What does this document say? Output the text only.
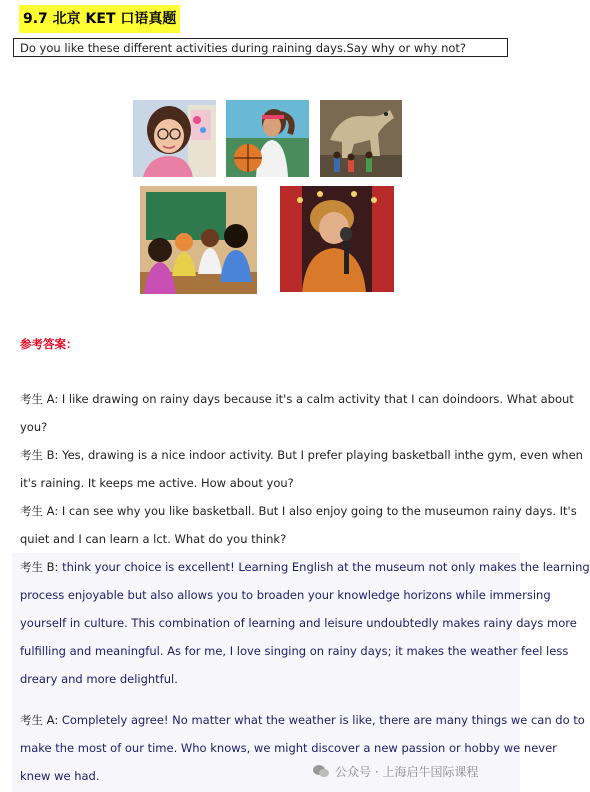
9.7 北京 KET 口语真题
Do you like these different activities during raining days.Say why or why not?
参考答案：
考生 A: I like drawing on rainy days because it's a calm activity that I can doindoors. What about
you?
考生 B: Yes, drawing is a nice indoor activity. But I prefer playing basketball inthe gym, even when
it's raining. It keeps me active. How about you?
考生 A: I can see why you like basketball. But I also enjoy going to the museumon rainy days. It's
quiet and I can learn a lct. What do you think?
考生 B: think your choice is excellent! Learning English at the museum not only makes the learning
process enjoyable but also allows you to broaden your knowledge horizons while immersing
yourself in culture. This combination of learning and leisure undoubtedly makes rainy days more
fulfilling and meaningful. As for me, I love singing on rainy days; it makes the weather feel less
dreary and more delightful.
考生 A: Completely agree! No matter what the weather is like, there are many things we can do to
make the most of our time. Who knows, we might discover a new passion or hobby we never
knew we had.	公众号 · 上海启牛国际课程
